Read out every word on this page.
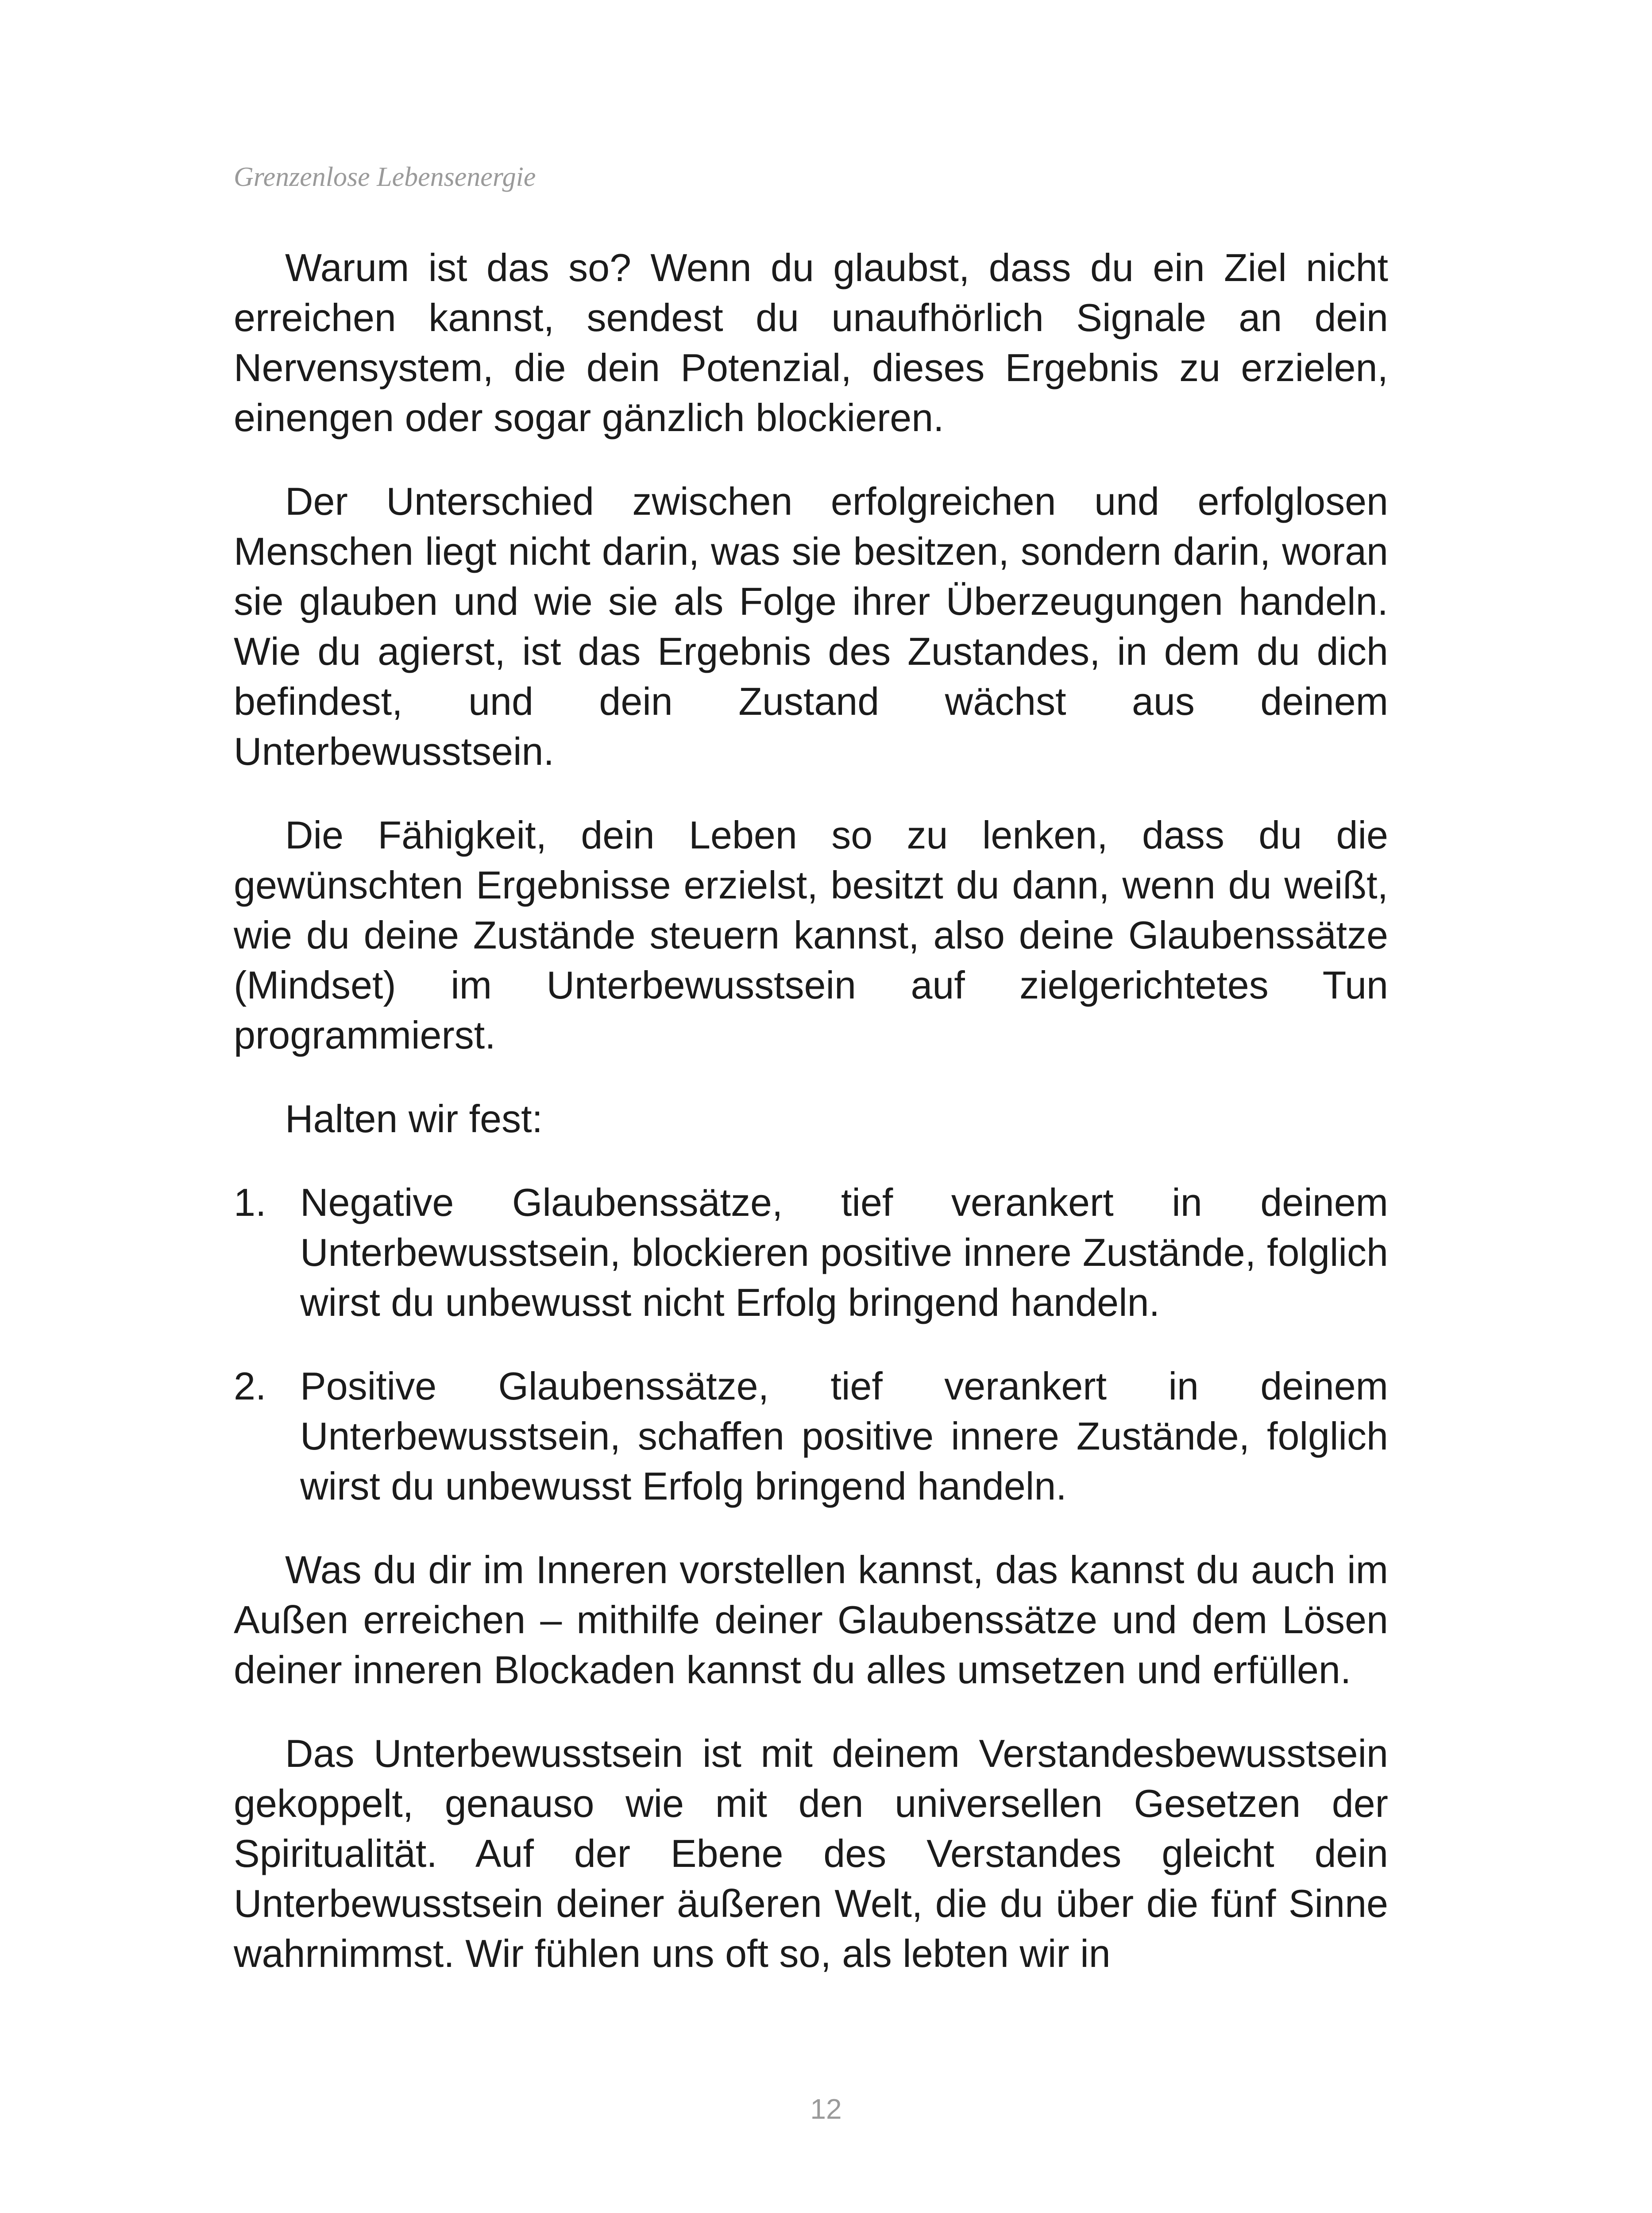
Grenzenlose Lebensenergie

Warum ist das so? Wenn du glaubst, dass du ein Ziel nicht erreichen kannst, sendest du unaufhörlich Signale an dein Nervensystem, die dein Potenzial, dieses Ergebnis zu erzielen, einengen oder sogar gänzlich blockieren.

Der Unterschied zwischen erfolgreichen und erfolglosen Menschen liegt nicht darin, was sie besitzen, sondern darin, woran sie glauben und wie sie als Folge ihrer Überzeugungen handeln. Wie du agierst, ist das Ergebnis des Zustandes, in dem du dich befindest, und dein Zustand wächst aus deinem Unterbewusstsein.

Die Fähigkeit, dein Leben so zu lenken, dass du die gewünschten Ergebnisse erzielst, besitzt du dann, wenn du weißt, wie du deine Zustände steuern kannst, also deine Glaubenssätze (Mindset) im Unterbewusstsein auf zielgerichtetes Tun programmierst.

Halten wir fest:

1. Negative Glaubenssätze, tief verankert in deinem Unterbewusstsein, blockieren positive innere Zustände, folglich wirst du unbewusst nicht Erfolg bringend handeln.
2. Positive Glaubenssätze, tief verankert in deinem Unterbewusstsein, schaffen positive innere Zustände, folglich wirst du unbewusst Erfolg bringend handeln.

Was du dir im Inneren vorstellen kannst, das kannst du auch im Außen erreichen – mithilfe deiner Glaubenssätze und dem Lösen deiner inneren Blockaden kannst du alles umsetzen und erfüllen.

Das Unterbewusstsein ist mit deinem Verstandesbewusstsein gekoppelt, genauso wie mit den universellen Gesetzen der Spiritualität. Auf der Ebene des Verstandes gleicht dein Unterbewusstsein deiner äußeren Welt, die du über die fünf Sinne wahrnimmst. Wir fühlen uns oft so, als lebten wir in

12
